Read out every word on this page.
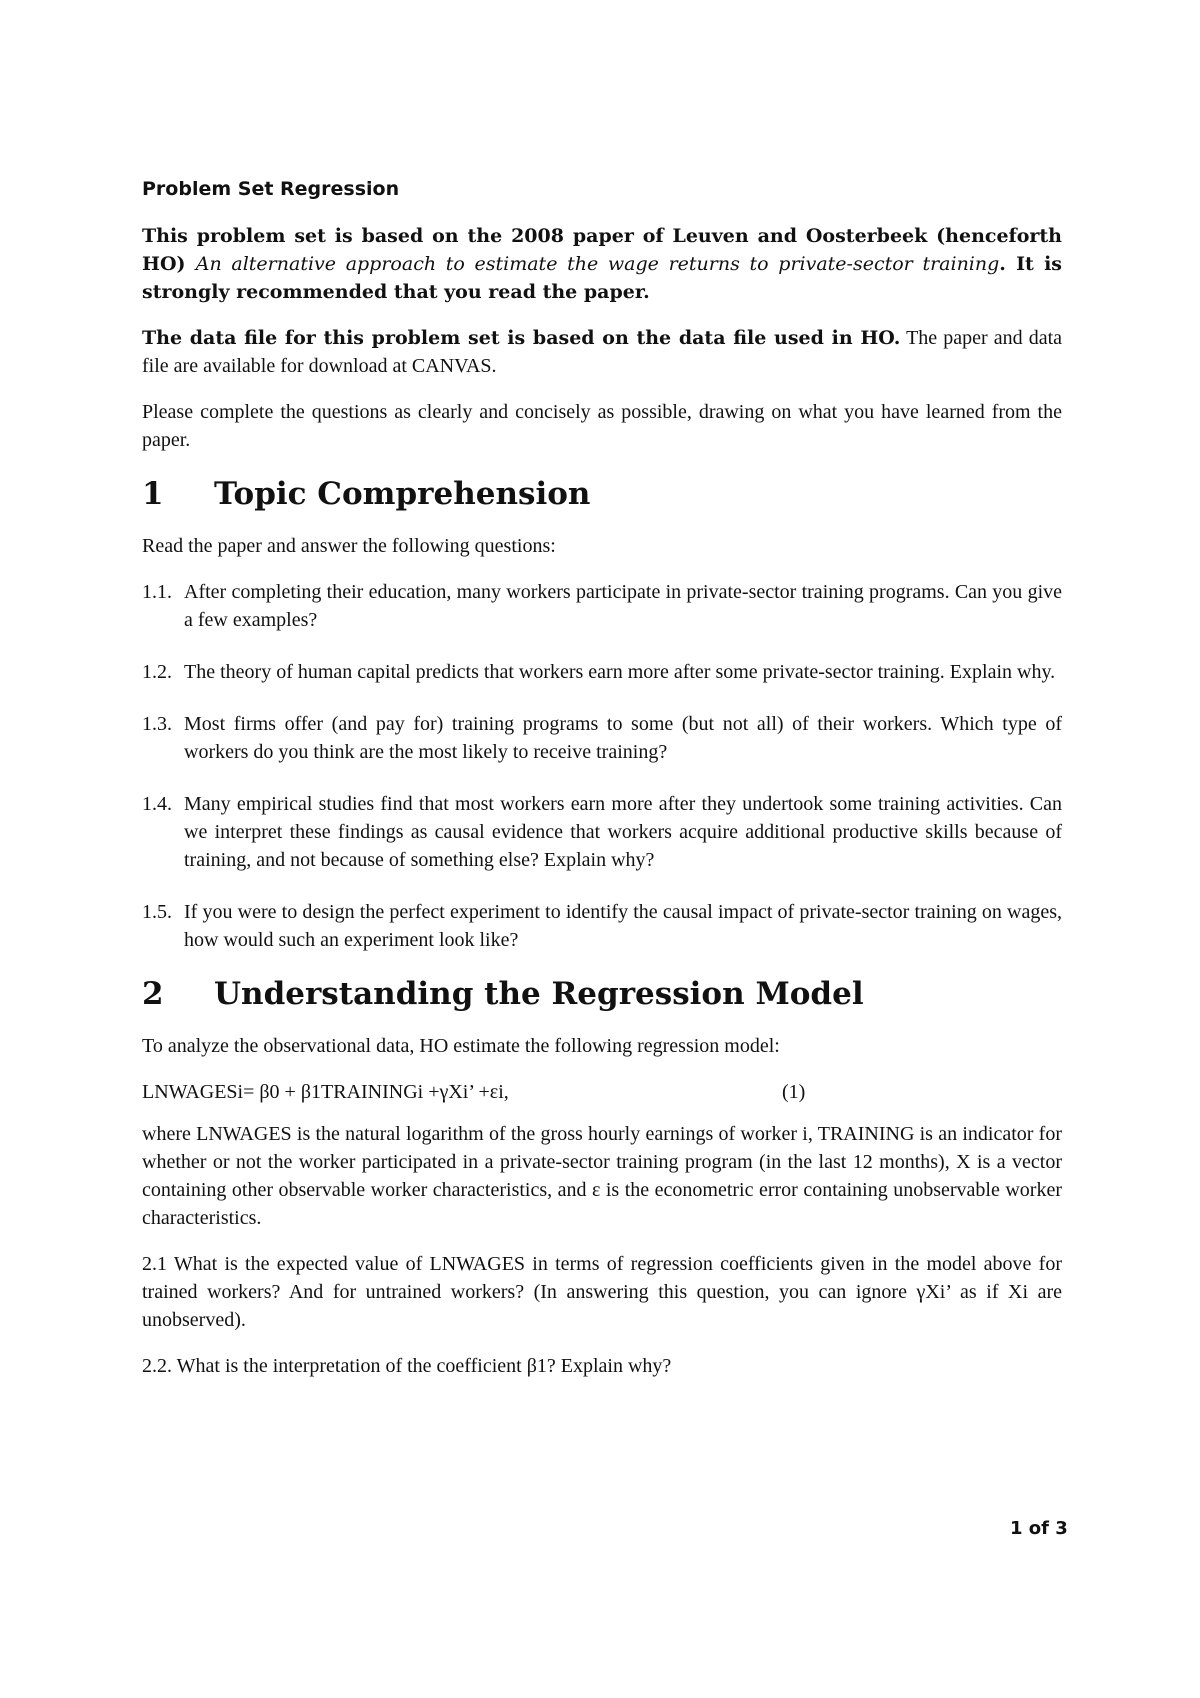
Problem Set Regression

This problem set is based on the 2008 paper of Leuven and Oosterbeek (henceforth HO) An alternative approach to estimate the wage returns to private-sector training. It is strongly recommended that you read the paper.

The data file for this problem set is based on the data file used in HO. The paper and data file are available for download at CANVAS.

Please complete the questions as clearly and concisely as possible, drawing on what you have learned from the paper.

1	Topic Comprehension

Read the paper and answer the following questions:

1.1. After completing their education, many workers participate in private-sector training programs. Can you give a few examples?
1.2. The theory of human capital predicts that workers earn more after some private-sector training. Explain why.
1.3. Most firms offer (and pay for) training programs to some (but not all) of their workers. Which type of workers do you think are the most likely to receive training?
1.4. Many empirical studies find that most workers earn more after they undertook some training activities. Can we interpret these findings as causal evidence that workers acquire additional productive skills because of training, and not because of something else? Explain why?
1.5. If you were to design the perfect experiment to identify the causal impact of private-sector training on wages, how would such an experiment look like?
2	Understanding the Regression Model

To analyze the observational data, HO estimate the following regression model:

LNWAGESi= β0 + β1TRAININGi +γXi’ +εi,	(1)

where LNWAGES is the natural logarithm of the gross hourly earnings of worker i, TRAINING is an indicator for whether or not the worker participated in a private-sector training program (in the last 12 months), X is a vector containing other observable worker characteristics, and ε is the econometric error containing unobservable worker characteristics.

2.1 What is the expected value of LNWAGES in terms of regression coefficients given in the model above for trained workers? And for untrained workers? (In answering this question, you can ignore γXi’ as if Xi are unobserved).

2.2. What is the interpretation of the coefficient β1? Explain why?

1 of 3
